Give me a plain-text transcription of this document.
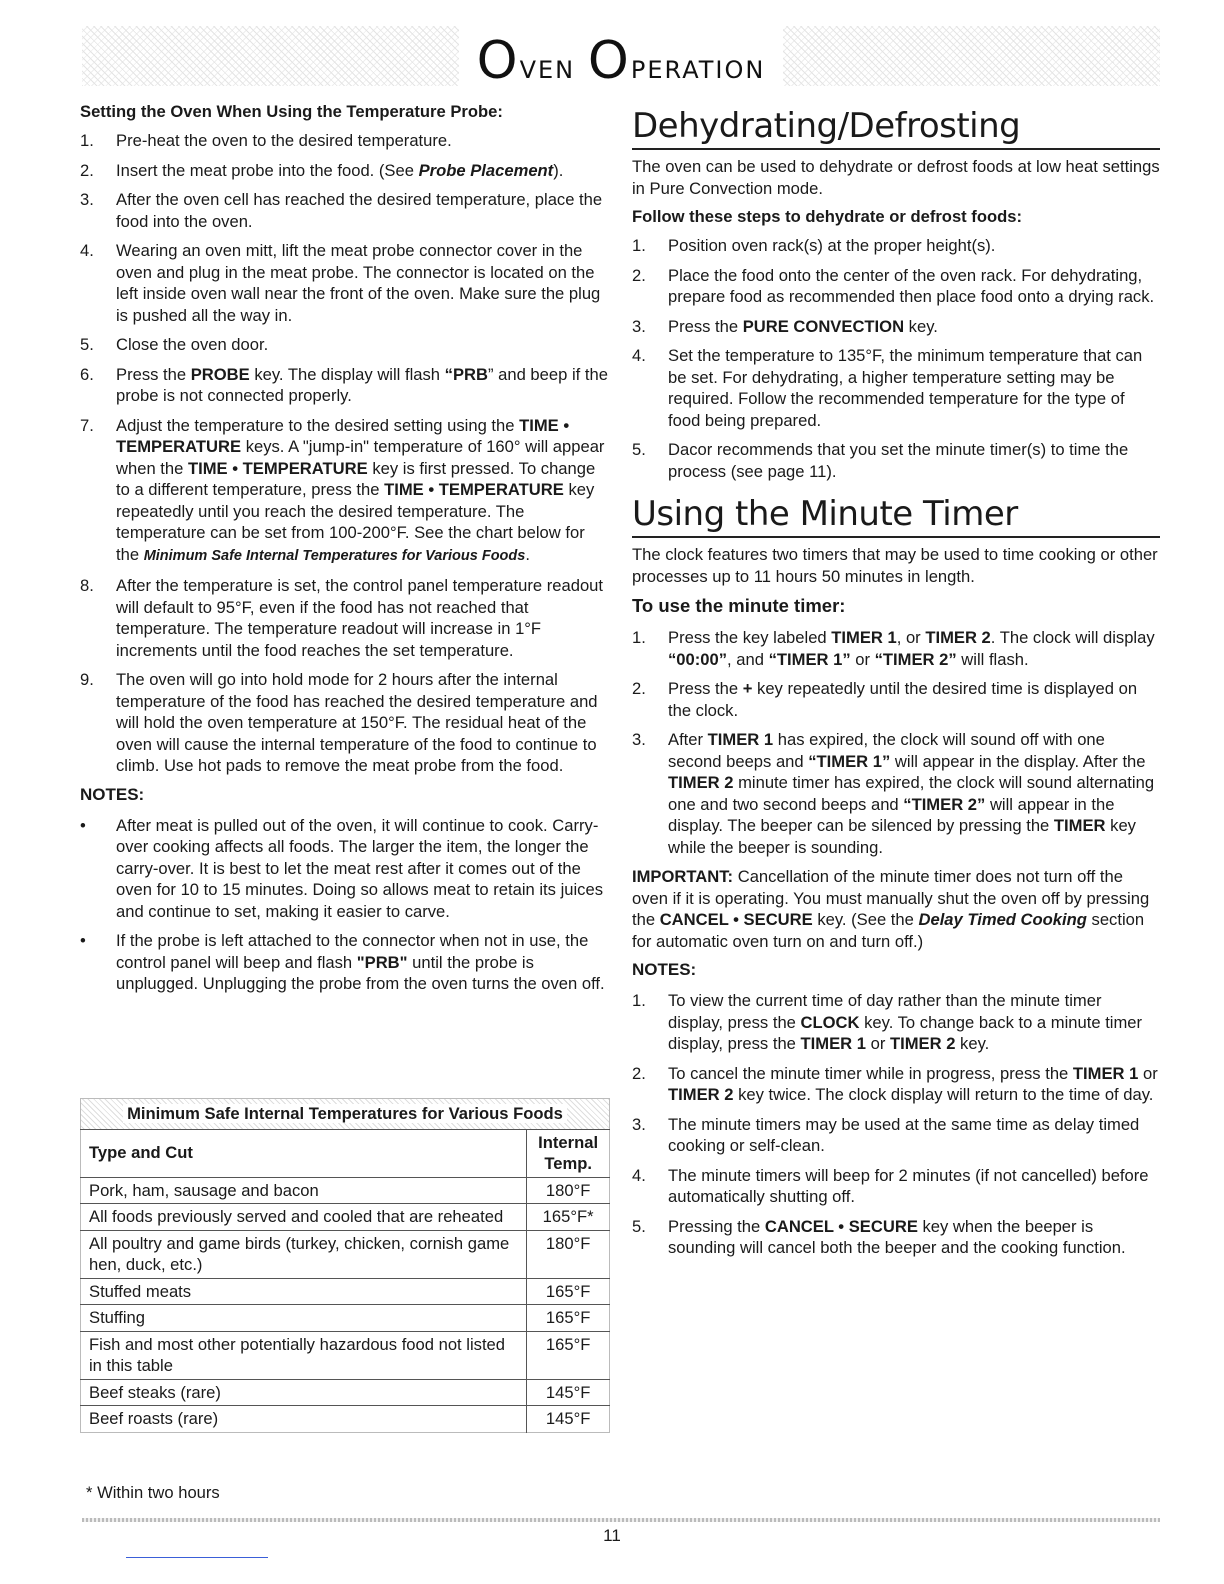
Oven Operation
Setting the Oven When Using the Temperature Probe:
1. Pre-heat the oven to the desired temperature.
2. Insert the meat probe into the food. (See Probe Placement).
3. After the oven cell has reached the desired temperature, place the food into the oven.
4. Wearing an oven mitt, lift the meat probe connector cover in the oven and plug in the meat probe. The connector is located on the left inside oven wall near the front of the oven. Make sure the plug is pushed all the way in.
5. Close the oven door.
6. Press the PROBE key. The display will flash “PRB” and beep if the probe is not connected properly.
7. Adjust the temperature to the desired setting using the TIME • TEMPERATURE keys. A "jump-in" temperature of 160° will appear when the TIME • TEMPERATURE key is first pressed. To change to a different temperature, press the TIME • TEMPERATURE key repeatedly until you reach the desired temperature. The temperature can be set from 100-200°F. See the chart below for the Minimum Safe Internal Temperatures for Various Foods.
8. After the temperature is set, the control panel temperature readout will default to 95°F, even if the food has not reached that temperature. The temperature readout will increase in 1°F increments until the food reaches the set temperature.
9. The oven will go into hold mode for 2 hours after the internal temperature of the food has reached the desired temperature and will hold the oven temperature at 150°F. The residual heat of the oven will cause the internal temperature of the food to continue to climb. Use hot pads to remove the meat probe from the food.
NOTES:
• After meat is pulled out of the oven, it will continue to cook. Carry-over cooking affects all foods. The larger the item, the longer the carry-over. It is best to let the meat rest after it comes out of the oven for 10 to 15 minutes. Doing so allows meat to retain its juices and continue to set, making it easier to carve.
• If the probe is left attached to the connector when not in use, the control panel will beep and flash "PRB" until the probe is unplugged. Unplugging the probe from the oven turns the oven off.
Minimum Safe Internal Temperatures for Various Foods	
Type and Cut	Internal Temp.
Pork, ham, sausage and bacon	180°F
All foods previously served and cooled that are reheated	165°F*
All poultry and game birds (turkey, chicken, cornish game hen, duck, etc.)	180°F
Stuffed meats	165°F
Stuffing	165°F
Fish and most other potentially hazardous food not listed in this table	165°F
Beef steaks (rare)	145°F
Beef roasts (rare)	145°F
* Within two hours
Dehydrating/Defrosting

The oven can be used to dehydrate or defrost foods at low heat settings in Pure Convection mode.

Follow these steps to dehydrate or defrost foods:
1. Position oven rack(s) at the proper height(s).
2. Place the food onto the center of the oven rack. For dehydrating, prepare food as recommended then place food onto a drying rack.
3. Press the PURE CONVECTION key.
4. Set the temperature to 135°F, the minimum temperature that can be set. For dehydrating, a higher temperature setting may be required. Follow the recommended temperature for the type of food being prepared.
5. Dacor recommends that you set the minute timer(s) to time the process (see page 11).
Using the Minute Timer

The clock features two timers that may be used to time cooking or other processes up to 11 hours 50 minutes in length.

To use the minute timer:
1. Press the key labeled TIMER 1, or TIMER 2. The clock will display “00:00”, and “TIMER 1” or “TIMER 2” will flash.
2. Press the + key repeatedly until the desired time is displayed on the clock.
3. After TIMER 1 has expired, the clock will sound off with one second beeps and “TIMER 1” will appear in the display. After the TIMER 2 minute timer has expired, the clock will sound alternating one and two second beeps and “TIMER 2” will appear in the display. The beeper can be silenced by pressing the TIMER key while the beeper is sounding.

IMPORTANT: Cancellation of the minute timer does not turn off the oven if it is operating. You must manually shut the oven off by pressing the CANCEL • SECURE key. (See the Delay Timed Cooking section for automatic oven turn on and turn off.)

NOTES:
1. To view the current time of day rather than the minute timer display, press the CLOCK key. To change back to a minute timer display, press the TIMER 1 or TIMER 2 key.
2. To cancel the minute timer while in progress, press the TIMER 1 or TIMER 2 key twice. The clock display will return to the time of day.
3. The minute timers may be used at the same time as delay timed cooking or self-clean.
4. The minute timers will beep for 2 minutes (if not cancelled) before automatically shutting off.
5. Pressing the CANCEL • SECURE key when the beeper is sounding will cancel both the beeper and the cooking function.
11
